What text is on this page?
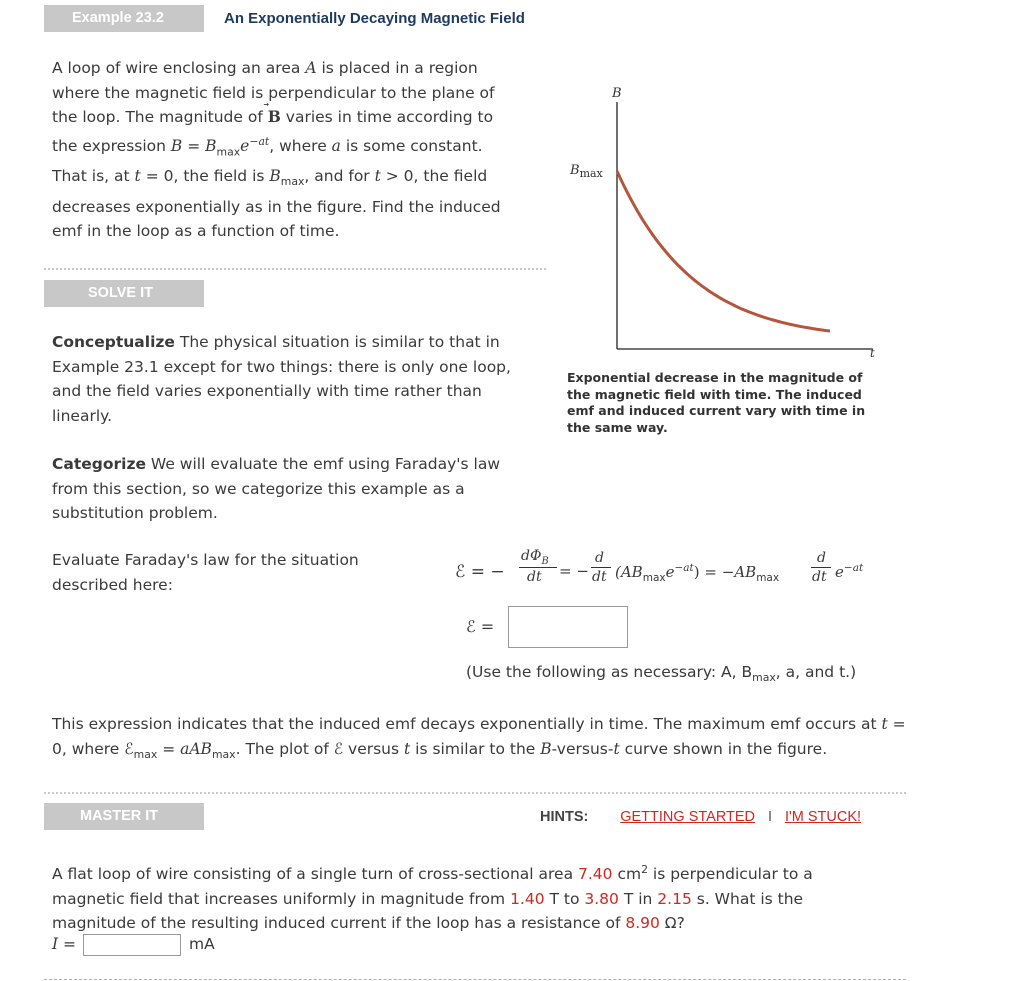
Example 23.2	An Exponentially Decaying Magnetic Field
A loop of wire enclosing an area A is placed in a region where the magnetic field is perpendicular to the plane of the loop. The magnitude of B
varies in time according to the expression $B = B_{max}e^{-at}$, where a is some constant. That is, at t = 0, the field is $B_{max}$, and for t > 0, the field decreases exponentially as in the figure. Find the induced emf in the loop as a function of time.
B
t
$B_{max}$
Exponential decrease in the magnitude of the magnetic field with time. The induced emf and induced current vary with time in the same way.
SOLVE IT
Conceptualize The physical situation is similar to that in Example 23.1 except for two things: there is only one loop, and the field varies exponentially with time rather than linearly.
Categorize We will evaluate the emf using Faraday's law from this section, so we categorize this example as a substitution problem.
Evaluate Faraday's law for the situation described here:
ℰ = −
$d\Phi_B$
dt = −
d
dt $(AB_{max}e^{-at}) = -AB_{max}$
d
dt $e^{-at}$
ℰ =
(Use the following as necessary: A, $B_{max}$, a, and t.)
This expression indicates that the induced emf decays exponentially in time. The maximum emf occurs at t = 0, where ℰ$_{max}$ = aAB$_{max}$. The plot of ℰ versus t is similar to the B-versus-t curve shown in the figure.
MASTER IT	HINTS: GETTING STARTED I I'M STUCK!
A flat loop of wire consisting of a single turn of cross-sectional area 7.40 $cm^2$ is perpendicular to a magnetic field that increases uniformly in magnitude from 1.40 T to 3.80 T in 2.15 s. What is the magnitude of the resulting induced current if the loop has a resistance of 8.90 Ω?
I =	mA
